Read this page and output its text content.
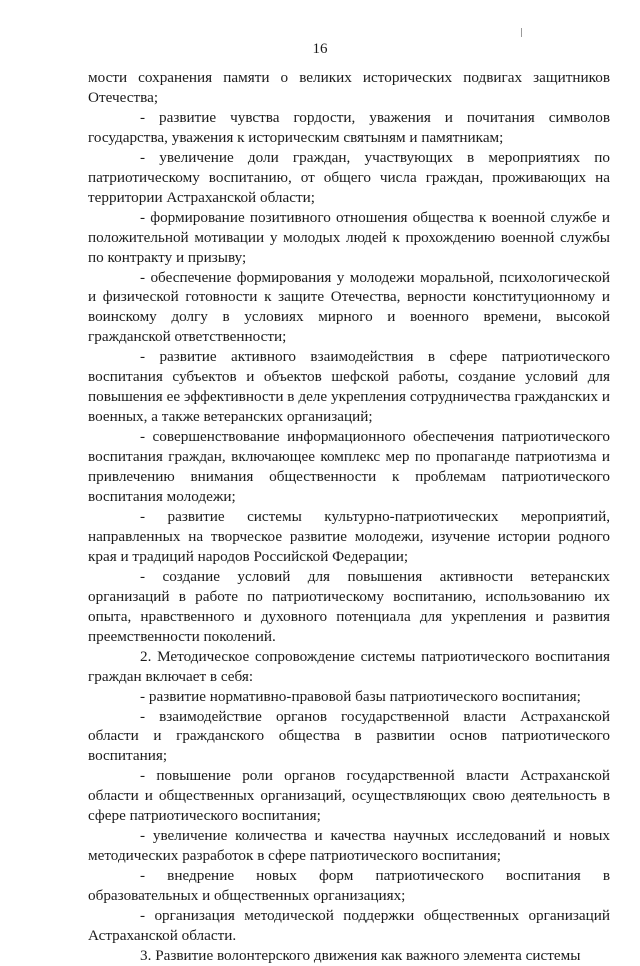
16

мости сохранения памяти о великих исторических подвигах защитников Отечества;

- развитие чувства гордости, уважения и почитания символов государства, уважения к историческим святыням и памятникам;

- увеличение доли граждан, участвующих в мероприятиях по патриотическому воспитанию, от общего числа граждан, проживающих на территории Астраханской области;

- формирование позитивного отношения общества к военной службе и положительной мотивации у молодых людей к прохождению военной службы по контракту и призыву;

- обеспечение формирования у молодежи моральной, психологической и физической готовности к защите Отечества, верности конституционному и воинскому долгу в условиях мирного и военного времени, высокой гражданской ответственности;

- развитие активного взаимодействия в сфере патриотического воспитания субъектов и объектов шефской работы, создание условий для повышения ее эффективности в деле укрепления сотрудничества гражданских и военных, а также ветеранских организаций;

- совершенствование информационного обеспечения патриотического воспитания граждан, включающее комплекс мер по пропаганде патриотизма и привлечению внимания общественности к проблемам патриотического воспитания молодежи;

- развитие системы культурно-патриотических мероприятий, направленных на творческое развитие молодежи, изучение истории родного края и традиций народов Российской Федерации;

- создание условий для повышения активности ветеранских организаций в работе по патриотическому воспитанию, использованию их опыта, нравственного и духовного потенциала для укрепления и развития преемственности поколений.

2. Методическое сопровождение системы патриотического воспитания граждан включает в себя:

- развитие нормативно-правовой базы патриотического воспитания;

- взаимодействие органов государственной власти Астраханской области и гражданского общества в развитии основ патриотического воспитания;

- повышение роли органов государственной власти Астраханской области и общественных организаций, осуществляющих свою деятельность в сфере патриотического воспитания;

- увеличение количества и качества научных исследований и новых методических разработок в сфере патриотического воспитания;

- внедрение новых форм патриотического воспитания в образовательных и общественных организациях;

- организация методической поддержки общественных организаций Астраханской области.

3. Развитие волонтерского движения как важного элемента системы
